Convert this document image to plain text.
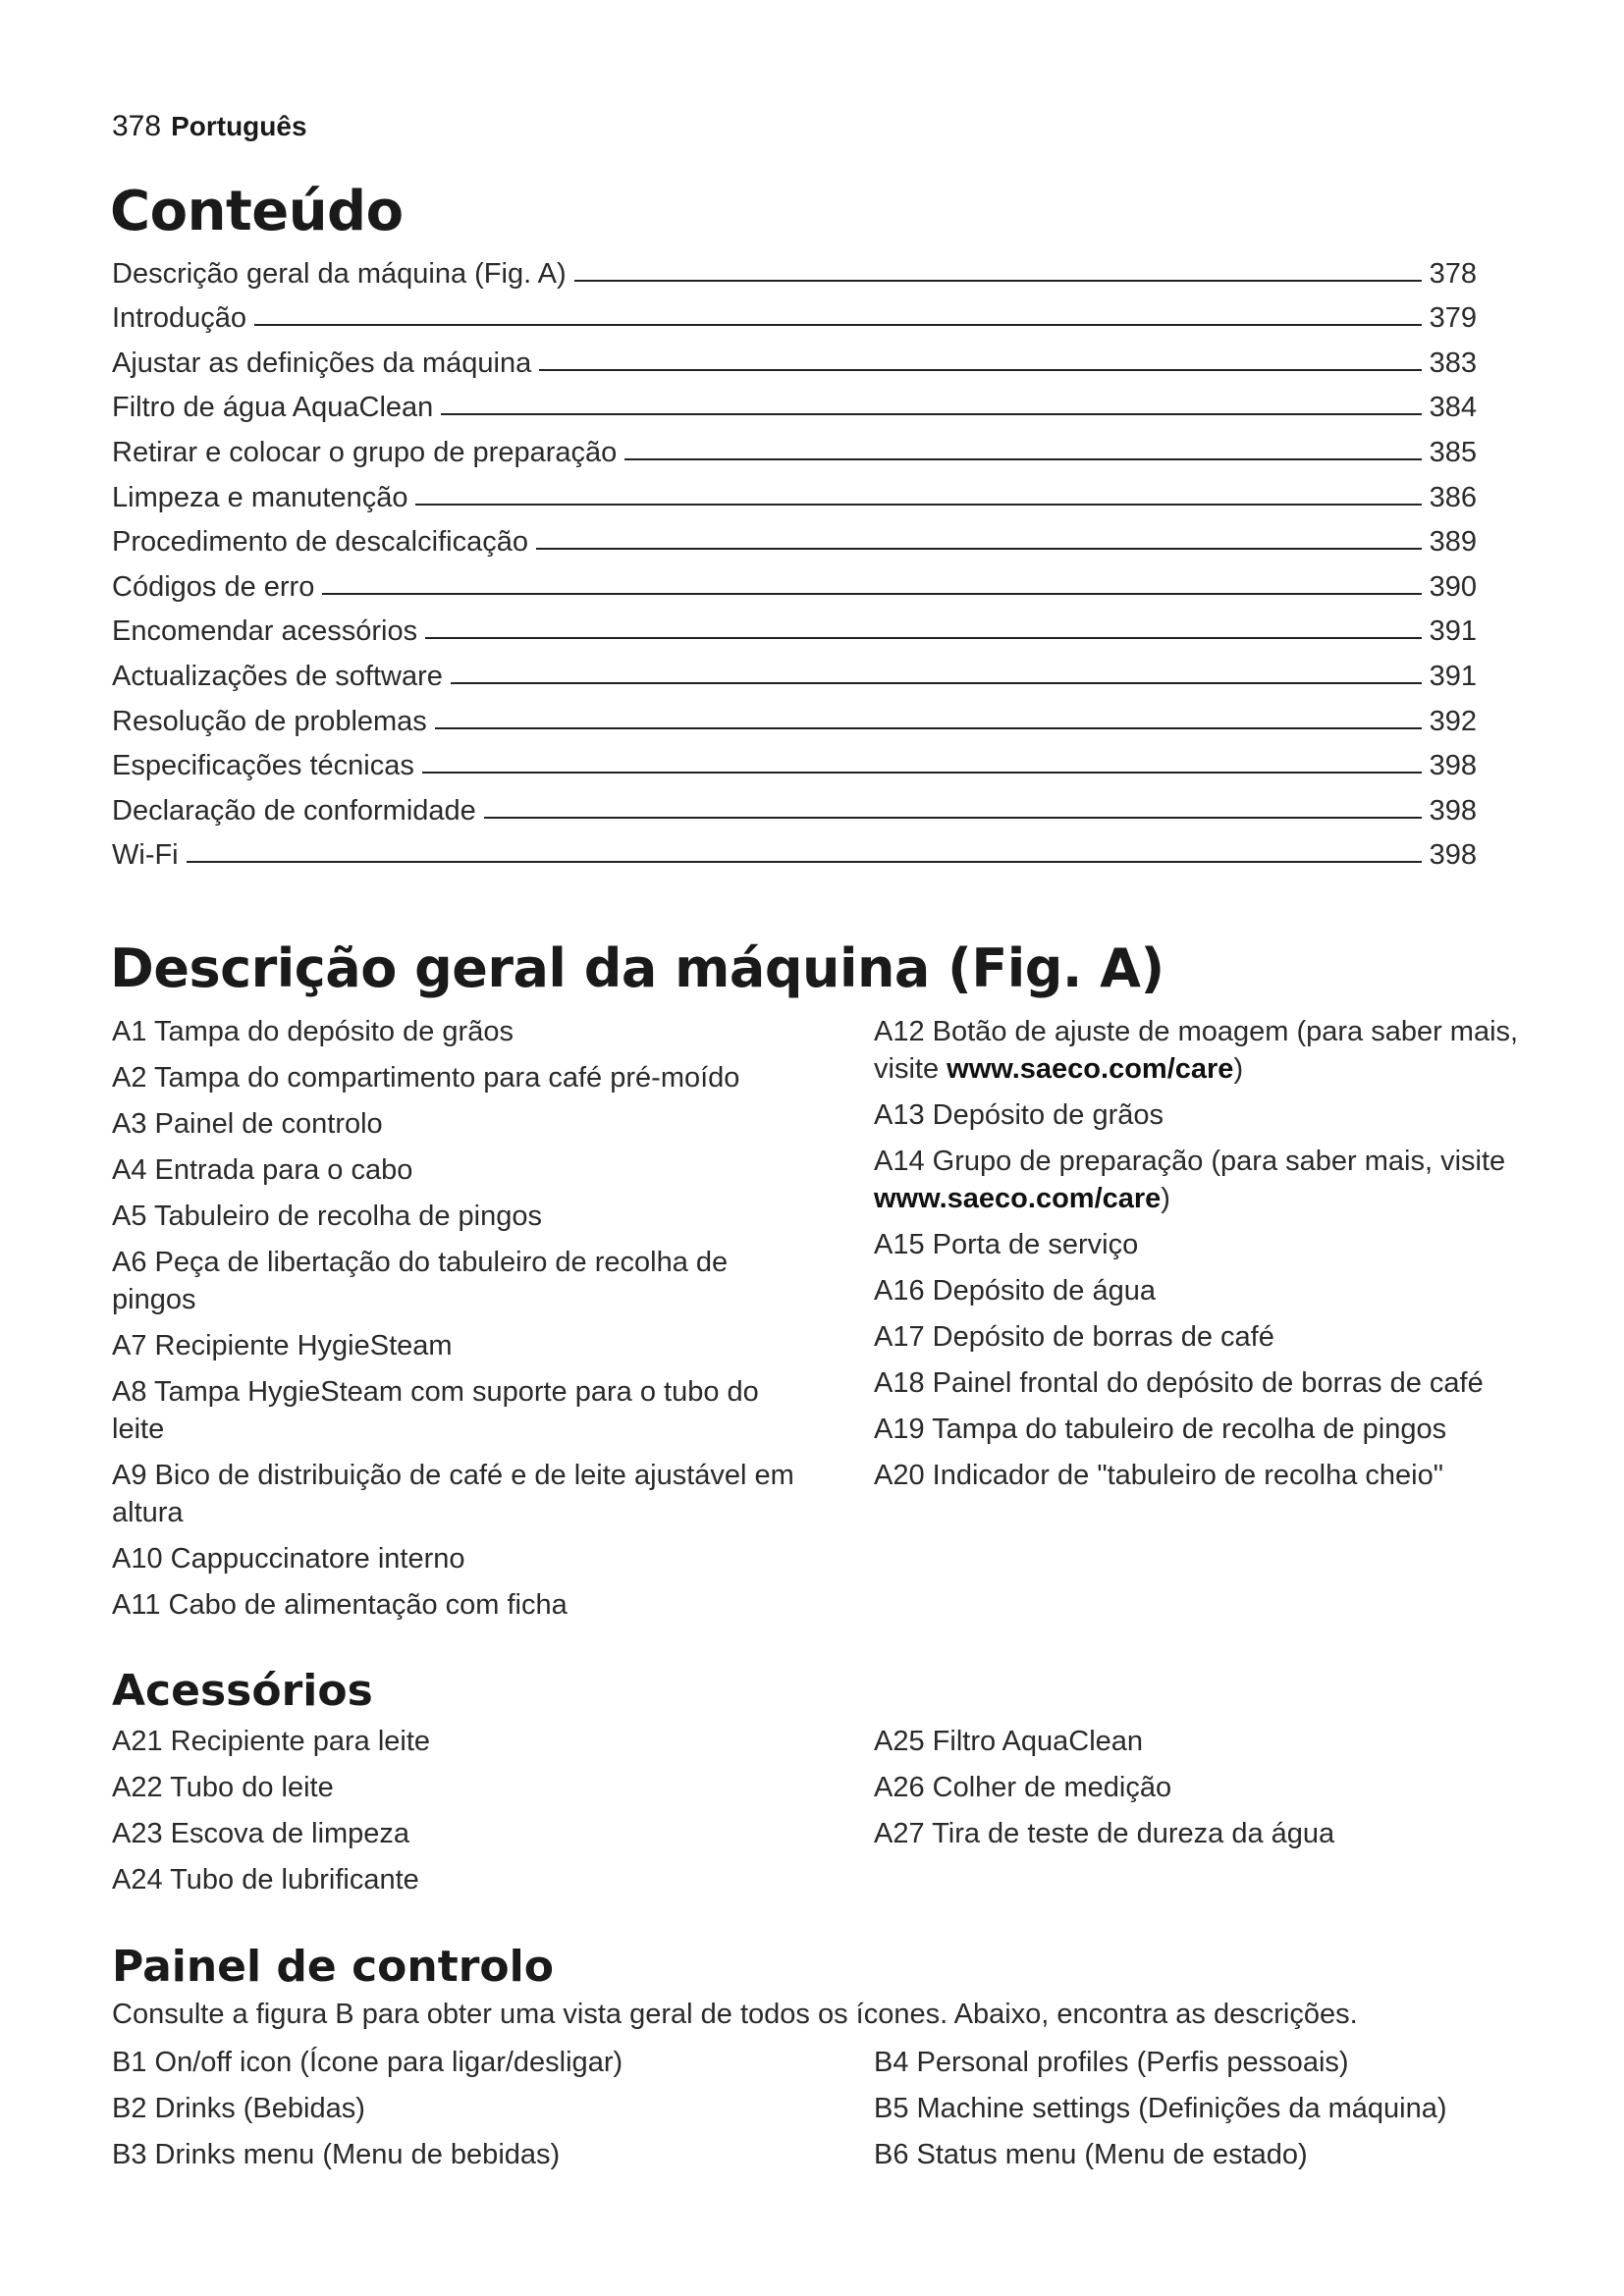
378 Português
Conteúdo
Descrição geral da máquina (Fig. A)	378
Introdução	379
Ajustar as definições da máquina	383
Filtro de água AquaClean	384
Retirar e colocar o grupo de preparação	385
Limpeza e manutenção	386
Procedimento de descalcificação	389
Códigos de erro	390
Encomendar acessórios	391
Actualizações de software	391
Resolução de problemas	392
Especificações técnicas	398
Declaração de conformidade	398
Wi-Fi	398
Descrição geral da máquina (Fig. A)
A1 Tampa do depósito de grãos
A2 Tampa do compartimento para café pré-moído
A3 Painel de controlo
A4 Entrada para o cabo
A5 Tabuleiro de recolha de pingos
A6 Peça de libertação do tabuleiro de recolha de pingos
A7 Recipiente HygieSteam
A8 Tampa HygieSteam com suporte para o tubo do leite
A9 Bico de distribuição de café e de leite ajustável em altura
A10 Cappuccinatore interno
A11 Cabo de alimentação com ficha
A12 Botão de ajuste de moagem (para saber mais, visite www.saeco.com/care)
A13 Depósito de grãos
A14 Grupo de preparação (para saber mais, visite www.saeco.com/care)
A15 Porta de serviço
A16 Depósito de água
A17 Depósito de borras de café
A18 Painel frontal do depósito de borras de café
A19 Tampa do tabuleiro de recolha de pingos
A20 Indicador de "tabuleiro de recolha cheio"
Acessórios
A21 Recipiente para leite
A22 Tubo do leite
A23 Escova de limpeza
A24 Tubo de lubrificante
A25 Filtro AquaClean
A26 Colher de medição
A27 Tira de teste de dureza da água
Painel de controlo
Consulte a figura B para obter uma vista geral de todos os ícones. Abaixo, encontra as descrições.
B1 On/off icon (Ícone para ligar/desligar)
B2 Drinks (Bebidas)
B3 Drinks menu (Menu de bebidas)
B4 Personal profiles (Perfis pessoais)
B5 Machine settings (Definições da máquina)
B6 Status menu (Menu de estado)
